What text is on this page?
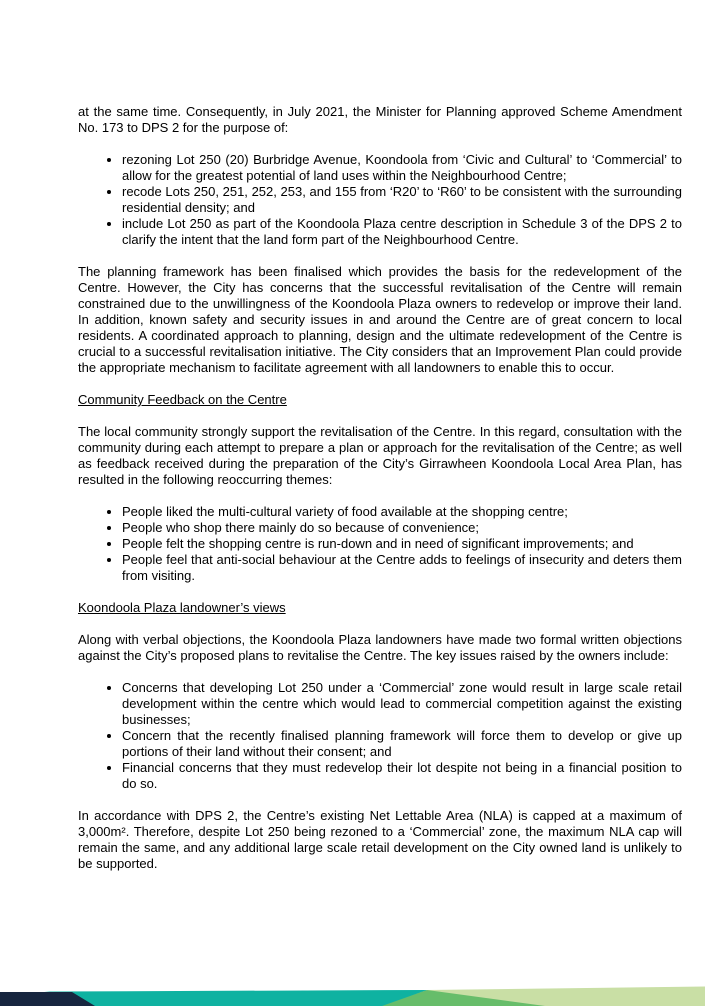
at the same time. Consequently, in July 2021, the Minister for Planning approved Scheme Amendment No. 173 to DPS 2 for the purpose of:

• rezoning Lot 250 (20) Burbridge Avenue, Koondoola from ‘Civic and Cultural’ to ‘Commercial’ to allow for the greatest potential of land uses within the Neighbourhood Centre;
• recode Lots 250, 251, 252, 253, and 155 from ‘R20’ to ‘R60’ to be consistent with the surrounding residential density; and
• include Lot 250 as part of the Koondoola Plaza centre description in Schedule 3 of the DPS 2 to clarify the intent that the land form part of the Neighbourhood Centre.

The planning framework has been finalised which provides the basis for the redevelopment of the Centre. However, the City has concerns that the successful revitalisation of the Centre will remain constrained due to the unwillingness of the Koondoola Plaza owners to redevelop or improve their land. In addition, known safety and security issues in and around the Centre are of great concern to local residents. A coordinated approach to planning, design and the ultimate redevelopment of the Centre is crucial to a successful revitalisation initiative. The City considers that an Improvement Plan could provide the appropriate mechanism to facilitate agreement with all landowners to enable this to occur.

Community Feedback on the Centre

The local community strongly support the revitalisation of the Centre. In this regard, consultation with the community during each attempt to prepare a plan or approach for the revitalisation of the Centre; as well as feedback received during the preparation of the City’s Girrawheen Koondoola Local Area Plan, has resulted in the following reoccurring themes:

• People liked the multi-cultural variety of food available at the shopping centre;
• People who shop there mainly do so because of convenience;
• People felt the shopping centre is run-down and in need of significant improvements; and
• People feel that anti-social behaviour at the Centre adds to feelings of insecurity and deters them from visiting.

Koondoola Plaza landowner’s views

Along with verbal objections, the Koondoola Plaza landowners have made two formal written objections against the City’s proposed plans to revitalise the Centre. The key issues raised by the owners include:

• Concerns that developing Lot 250 under a ‘Commercial’ zone would result in large scale retail development within the centre which would lead to commercial competition against the existing businesses;
• Concern that the recently finalised planning framework will force them to develop or give up portions of their land without their consent; and
• Financial concerns that they must redevelop their lot despite not being in a financial position to do so.

In accordance with DPS 2, the Centre’s existing Net Lettable Area (NLA) is capped at a maximum of 3,000m². Therefore, despite Lot 250 being rezoned to a ‘Commercial’ zone, the maximum NLA cap will remain the same, and any additional large scale retail development on the City owned land is unlikely to be supported.
